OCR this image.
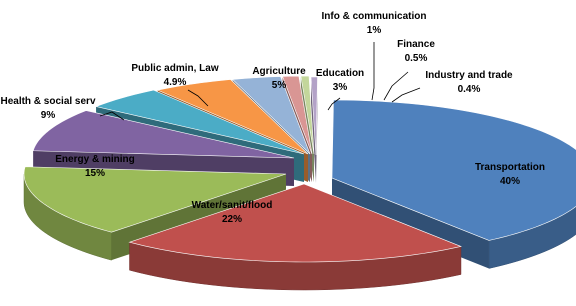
Transportation
40%
Water/sanit/flood
22%
Energy & mining
15%
Health & social serv
9%
Public admin, Law
4.9%
Agriculture
5%
Education
3%
Info & communication
1%
Finance
0.5%
Industry and trade
0.4%
